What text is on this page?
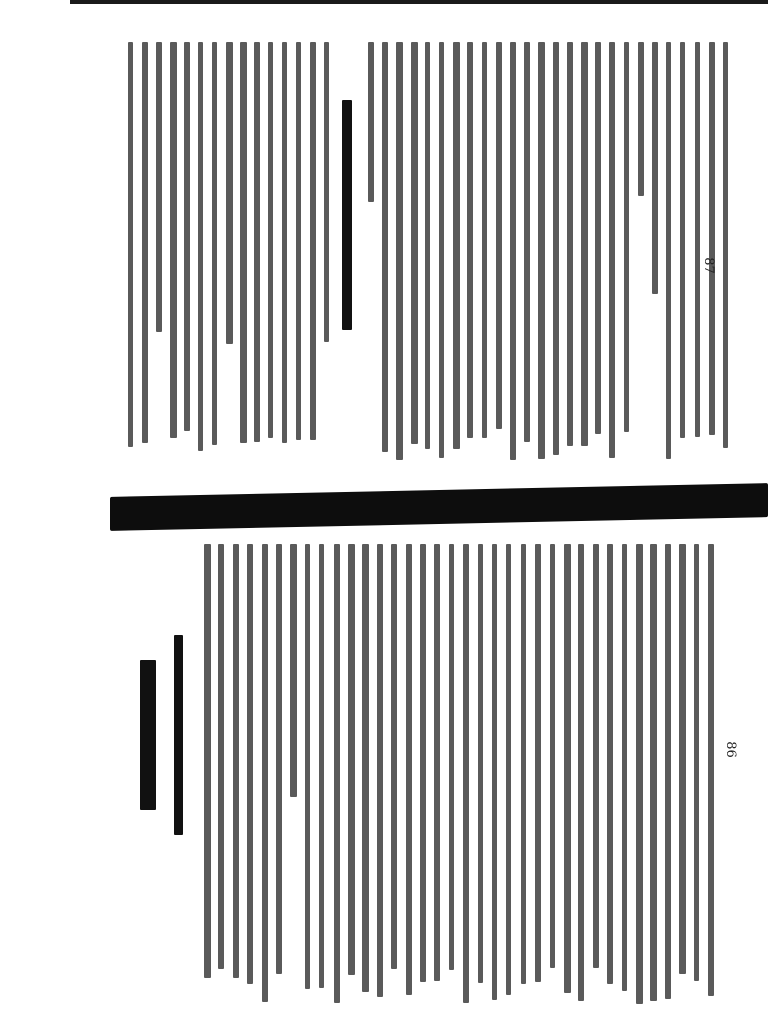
87
86
